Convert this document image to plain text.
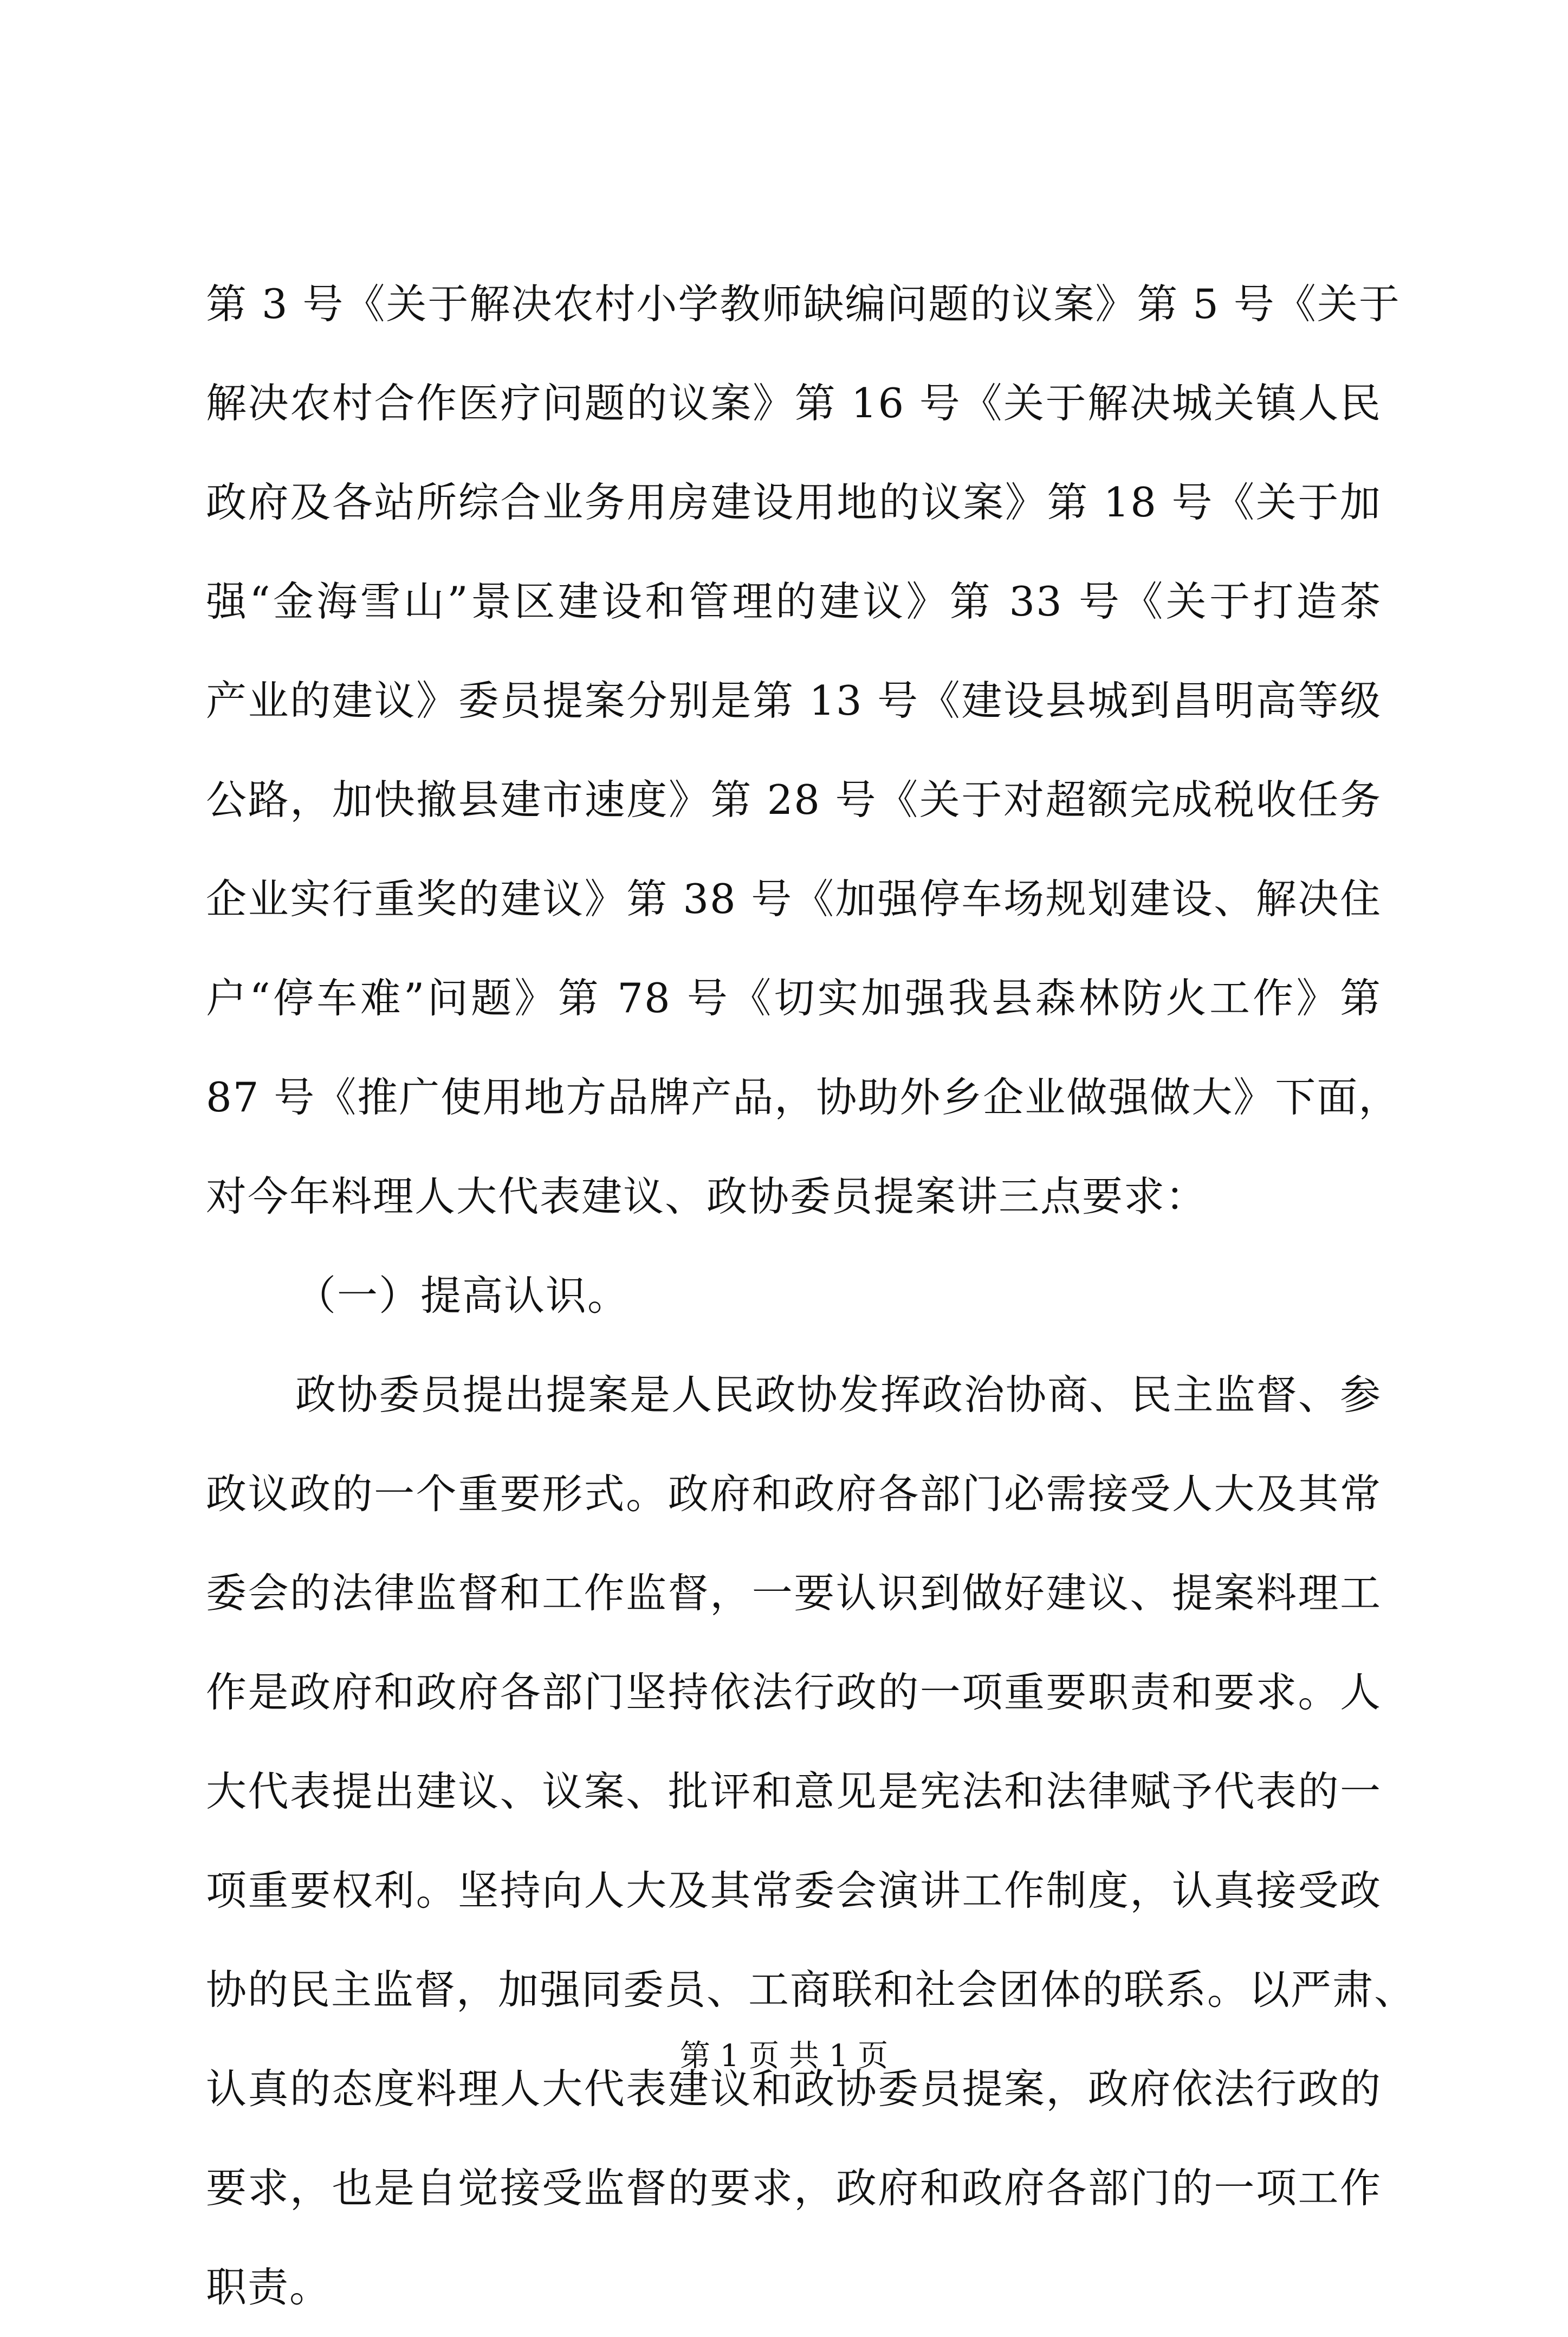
第 3 号《关于解决农村小学教师缺编问题的议案》第 5 号《关于
解决农村合作医疗问题的议案》第 16 号《关于解决城关镇人民
政府及各站所综合业务用房建设用地的议案》第 18 号《关于加
强“金海雪山”景区建设和管理的建议》第 33 号《关于打造茶
产业的建议》委员提案分别是第 13 号《建设县城到昌明高等级
公路，加快撤县建市速度》第 28 号《关于对超额完成税收任务
企业实行重奖的建议》第 38 号《加强停车场规划建设、解决住
户“停车难”问题》第 78 号《切实加强我县森林防火工作》第
87 号《推广使用地方品牌产品，协助外乡企业做强做大》下面，
对今年料理人大代表建议、政协委员提案讲三点要求：
（一）提高认识。
政协委员提出提案是人民政协发挥政治协商、民主监督、参
政议政的一个重要形式。政府和政府各部门必需接受人大及其常
委会的法律监督和工作监督，一要认识到做好建议、提案料理工
作是政府和政府各部门坚持依法行政的一项重要职责和要求。人
大代表提出建议、议案、批评和意见是宪法和法律赋予代表的一
项重要权利。坚持向人大及其常委会演讲工作制度，认真接受政
协的民主监督，加强同委员、工商联和社会团体的联系。以严肃、
认真的态度料理人大代表建议和政协委员提案，政府依法行政的
要求，也是自觉接受监督的要求，政府和政府各部门的一项工作
职责。
第 1 页 共 1 页
